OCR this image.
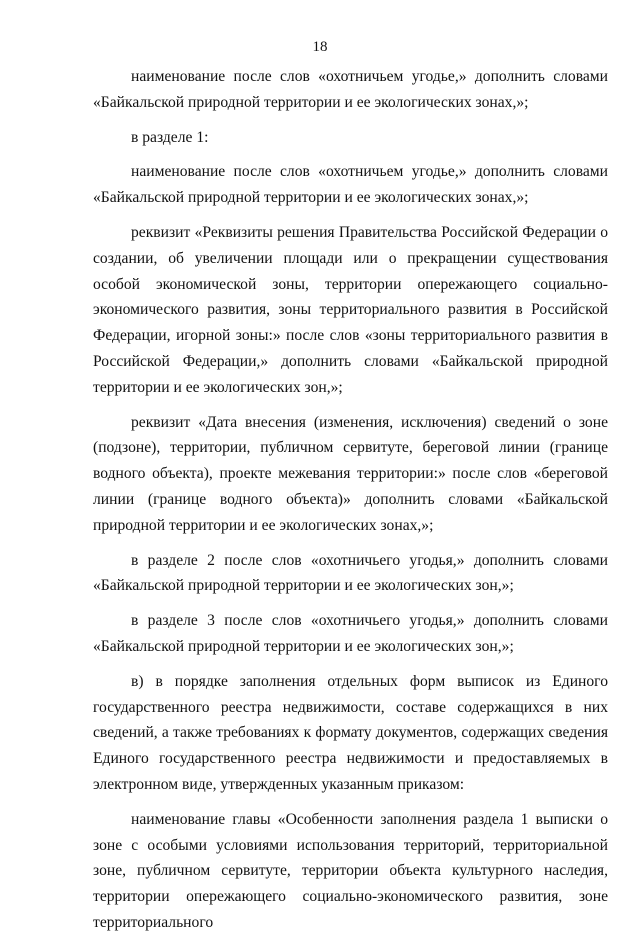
18

наименование после слов «охотничьем угодье,» дополнить словами «Байкальской природной территории и ее экологических зонах,»;

в разделе 1:

наименование после слов «охотничьем угодье,» дополнить словами «Байкальской природной территории и ее экологических зонах,»;

реквизит «Реквизиты решения Правительства Российской Федерации о создании, об увеличении площади или о прекращении существования особой экономической зоны, территории опережающего социально-экономического развития, зоны территориального развития в Российской Федерации, игорной зоны:» после слов «зоны территориального развития в Российской Федерации,» дополнить словами «Байкальской природной территории и ее экологических зон,»;

реквизит «Дата внесения (изменения, исключения) сведений о зоне (подзоне), территории, публичном сервитуте, береговой линии (границе водного объекта), проекте межевания территории:» после слов «береговой линии (границе водного объекта)» дополнить словами «Байкальской природной территории и ее экологических зонах,»;

в разделе 2 после слов «охотничьего угодья,» дополнить словами «Байкальской природной территории и ее экологических зон,»;

в разделе 3 после слов «охотничьего угодья,» дополнить словами «Байкальской природной территории и ее экологических зон,»;

в) в порядке заполнения отдельных форм выписок из Единого государственного реестра недвижимости, составе содержащихся в них сведений, а также требованиях к формату документов, содержащих сведения Единого государственного реестра недвижимости и предоставляемых в электронном виде, утвержденных указанным приказом:

наименование главы «Особенности заполнения раздела 1 выписки о зоне с особыми условиями использования территорий, территориальной зоне, публичном сервитуте, территории объекта культурного наследия, территории опережающего социально-экономического развития, зоне территориального
